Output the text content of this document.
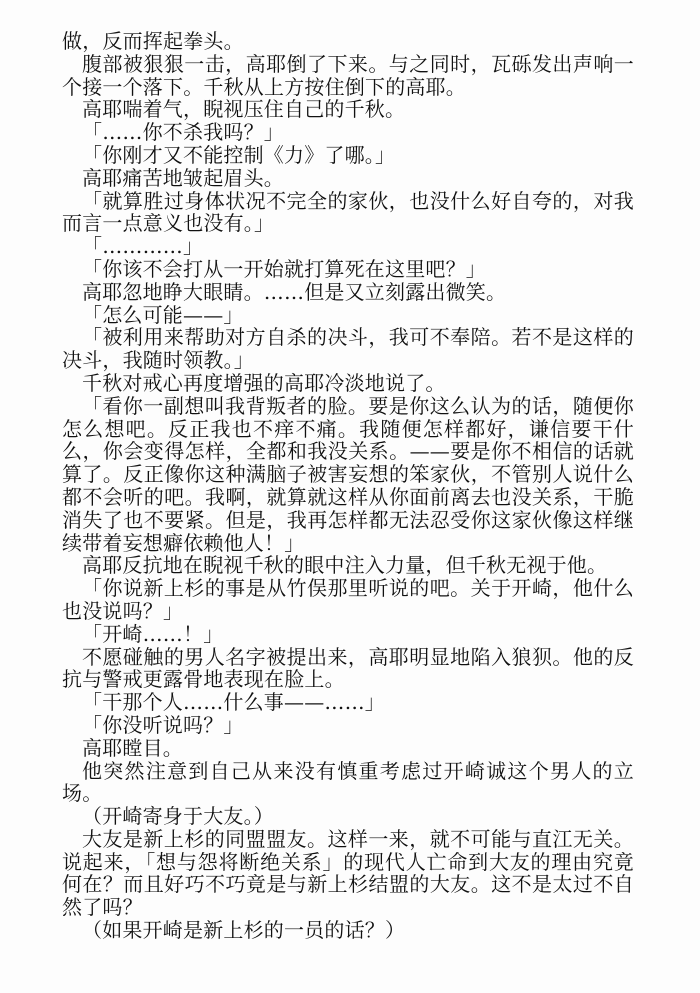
做，反而挥起拳头。

腹部被狠狠一击，高耶倒了下来。与之同时，瓦砾发出声响一个接一个落下。千秋从上方按住倒下的高耶。

高耶喘着气，睨视压住自己的千秋。

「……你不杀我吗？」

「你刚才又不能控制《力》了哪。」

高耶痛苦地皱起眉头。

「就算胜过身体状况不完全的家伙，也没什么好自夸的，对我而言一点意义也没有。」

「…………」

「你该不会打从一开始就打算死在这里吧？」

高耶忽地睁大眼睛。……但是又立刻露出微笑。

「怎么可能——」

「被利用来帮助对方自杀的决斗，我可不奉陪。若不是这样的决斗，我随时领教。」

千秋对戒心再度增强的高耶冷淡地说了。

「看你一副想叫我背叛者的脸。要是你这么认为的话，随便你怎么想吧。反正我也不痒不痛。我随便怎样都好，谦信要干什么，你会变得怎样，全都和我没关系。——要是你不相信的话就算了。反正像你这种满脑子被害妄想的笨家伙，不管别人说什么都不会听的吧。我啊，就算就这样从你面前离去也没关系，干脆消失了也不要紧。但是，我再怎样都无法忍受你这家伙像这样继续带着妄想癖依赖他人！」

高耶反抗地在睨视千秋的眼中注入力量，但千秋无视于他。

「你说新上杉的事是从竹俣那里听说的吧。关于开崎，他什么也没说吗？」

「开崎……！」

不愿碰触的男人名字被提出来，高耶明显地陷入狼狈。他的反抗与警戒更露骨地表现在脸上。

「干那个人……什么事——……」

「你没听说吗？」

高耶瞠目。

他突然注意到自己从来没有慎重考虑过开崎诚这个男人的立场。

（开崎寄身于大友。）

大友是新上杉的同盟盟友。这样一来，就不可能与直江无关。说起来，「想与怨将断绝关系」的现代人亡命到大友的理由究竟何在？而且好巧不巧竟是与新上杉结盟的大友。这不是太过不自然了吗？

（如果开崎是新上杉的一员的话？）
